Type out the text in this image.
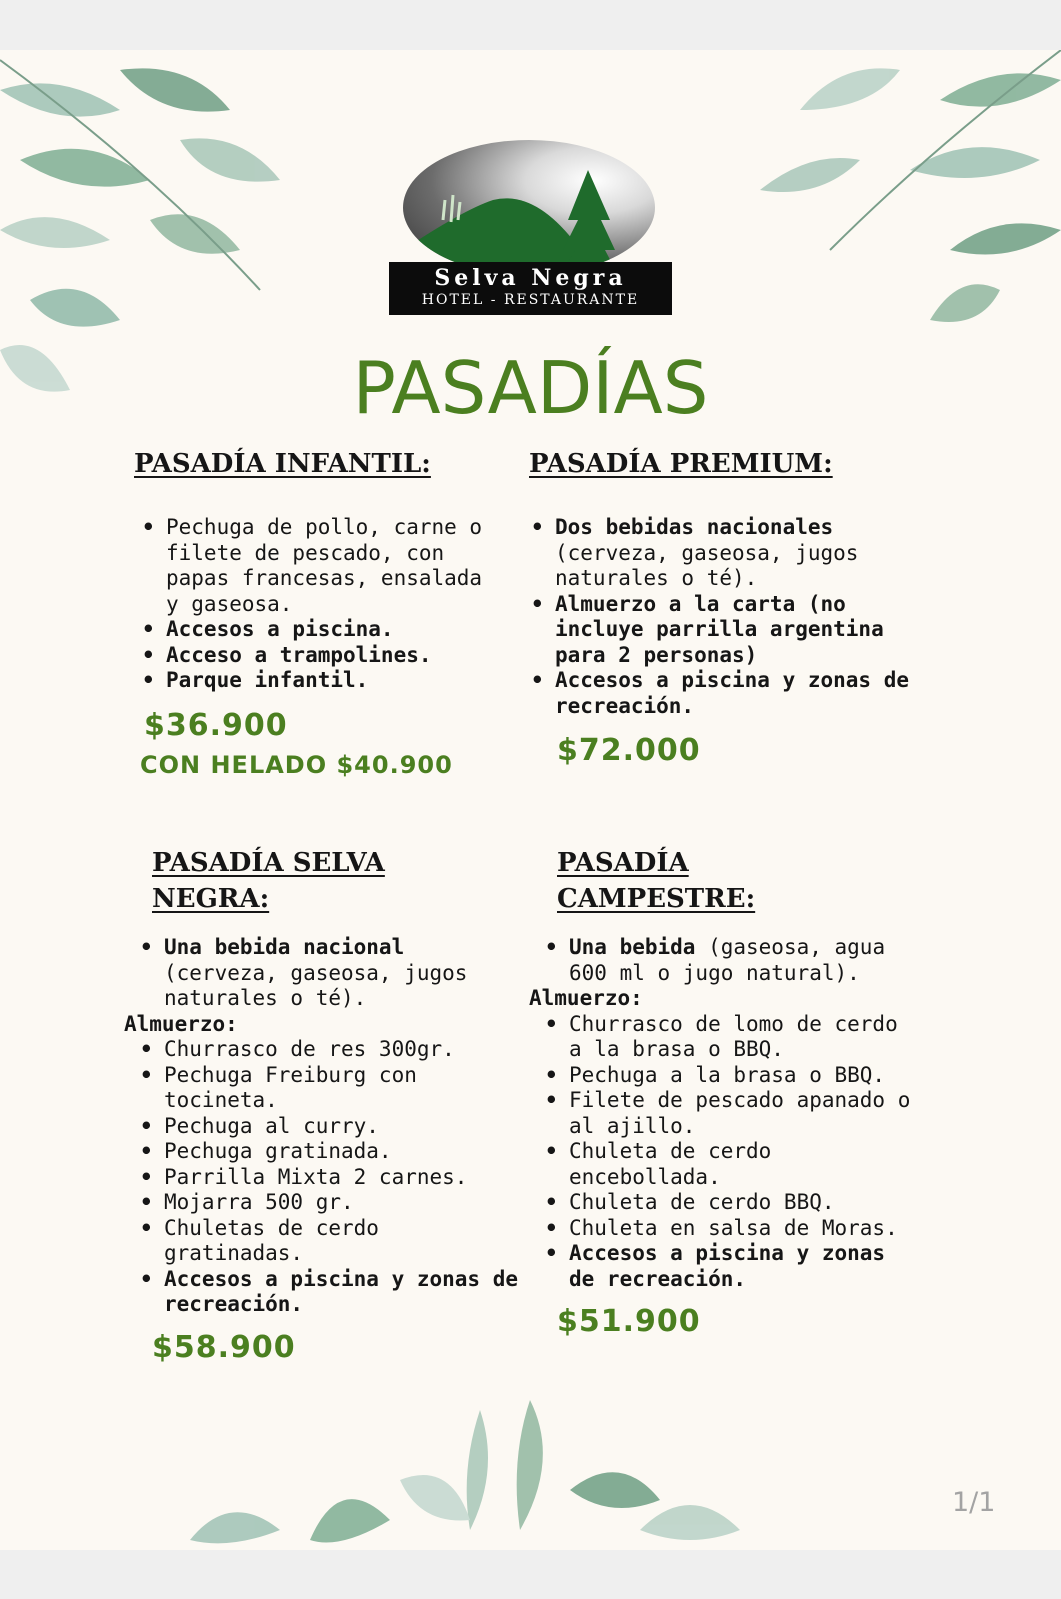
Selva Negra
HOTEL - RESTAURANTE
PASADÍAS
PASADÍA INFANTIL:
• Pechuga de pollo, carne o filete de pescado, con papas francesas, ensalada y gaseosa.
• Accesos a piscina.
• Acceso a trampolines.
• Parque infantil.
$36.900
CON HELADO $40.900
PASADÍA PREMIUM:
• Dos bebidas nacionales
(cerveza, gaseosa, jugos naturales o té).
• Almuerzo a la carta (no incluye parrilla argentina para 2 personas)
• Accesos a piscina y zonas de recreación.
$72.000
PASADÍA SELVA
NEGRA:
• Una bebida nacional
(cerveza, gaseosa, jugos naturales o té).
Almuerzo:
• Churrasco de res 300gr.
• Pechuga Freiburg con tocineta.
• Pechuga al curry.
• Pechuga gratinada.
• Parrilla Mixta 2 carnes.
• Mojarra 500 gr.
• Chuletas de cerdo gratinadas.
• Accesos a piscina y zonas de recreación.
$58.900
PASADÍA
CAMPESTRE:
• Una bebida (gaseosa, agua 600 ml o jugo natural).
Almuerzo:
• Churrasco de lomo de cerdo a la brasa o BBQ.
• Pechuga a la brasa o BBQ.
• Filete de pescado apanado o al ajillo.
• Chuleta de cerdo encebollada.
• Chuleta de cerdo BBQ.
• Chuleta en salsa de Moras.
• Accesos a piscina y zonas de recreación.
$51.900
1/1
